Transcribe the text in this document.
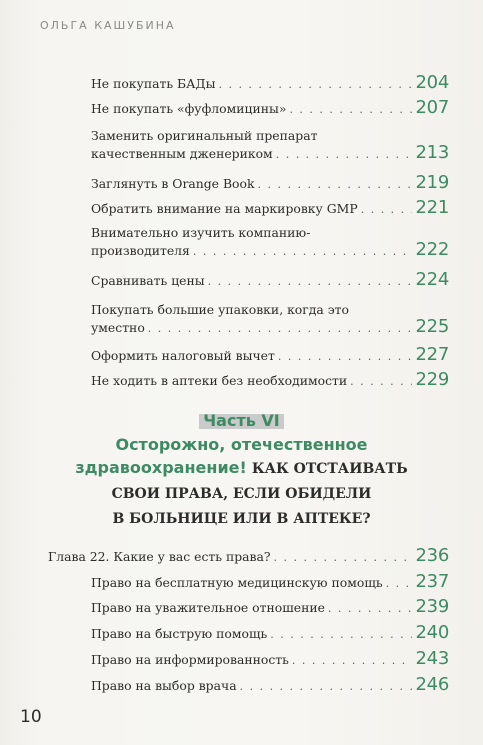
ОЛЬГА КАШУБИНА
Не покупать БАДы . . .	204
Не покупать «фуфломицины» . . .	207
Заменить оригинальный препарат
качественным дженериком . . .	213
Заглянуть в Orange Book . . .	219
Обратить внимание на маркировку GMP . . .	221
Внимательно изучить компанию-
производителя . . .	222
Сравнивать цены . . .	224
Покупать большие упаковки, когда это
уместно . . .	225
Оформить налоговый вычет . . .	227
Не ходить в аптеки без необходимости . . .	229
Часть VI
Осторожно, отечественное
здравоохранение! КАК ОТСТАИВАТЬ
СВОИ ПРАВА, ЕСЛИ ОБИДЕЛИ
В БОЛЬНИЦЕ ИЛИ В АПТЕКЕ?
Глава 22. Какие у вас есть права? . . .	236
Право на бесплатную медицинскую помощь . . . 237
Право на уважительное отношение . . .	239
Право на быструю помощь . . .	240
Право на информированность . . .	243
Право на выбор врача . . .	246
10
